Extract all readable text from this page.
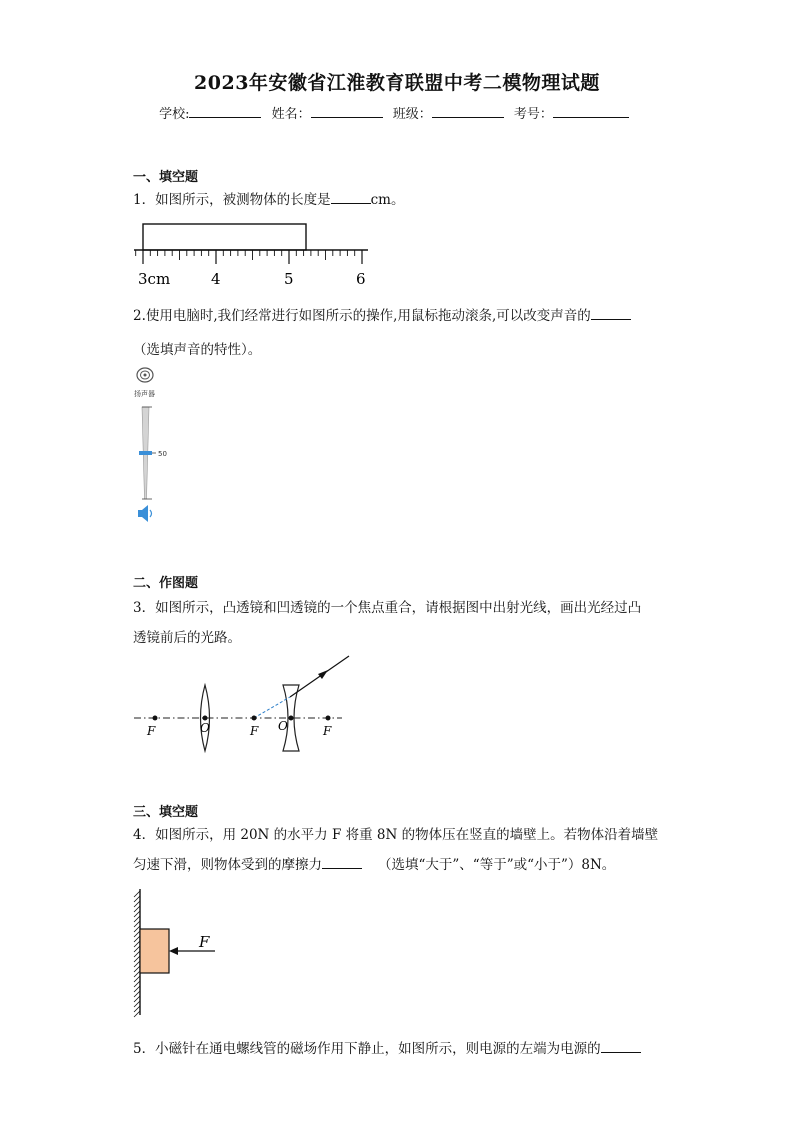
2023年安徽省江淮教育联盟中考二模物理试题
学校:	姓名：	班级：	考号：
一、填空题
1．如图所示，被测物体的长度是	cm。
3cm	4	5	6
2.使用电脑时,我们经常进行如图所示的操作,用鼠标拖动滚条,可以改变声音的
（选填声音的特性）。
扬声器
50
二、作图题
3．如图所示，凸透镜和凹透镜的一个焦点重合，请根据图中出射光线，画出光经过凸
透镜前后的光路。
F	O	F O	F
三、填空题
4．如图所示，用 20N 的水平力 F 将重 8N 的物体压在竖直的墙壁上。若物体沿着墙壁
匀速下滑，则物体受到的摩擦力	（选填“大于”、“等于”或“小于”）8N。
F
5．小磁针在通电螺线管的磁场作用下静止，如图所示，则电源的左端为电源的
